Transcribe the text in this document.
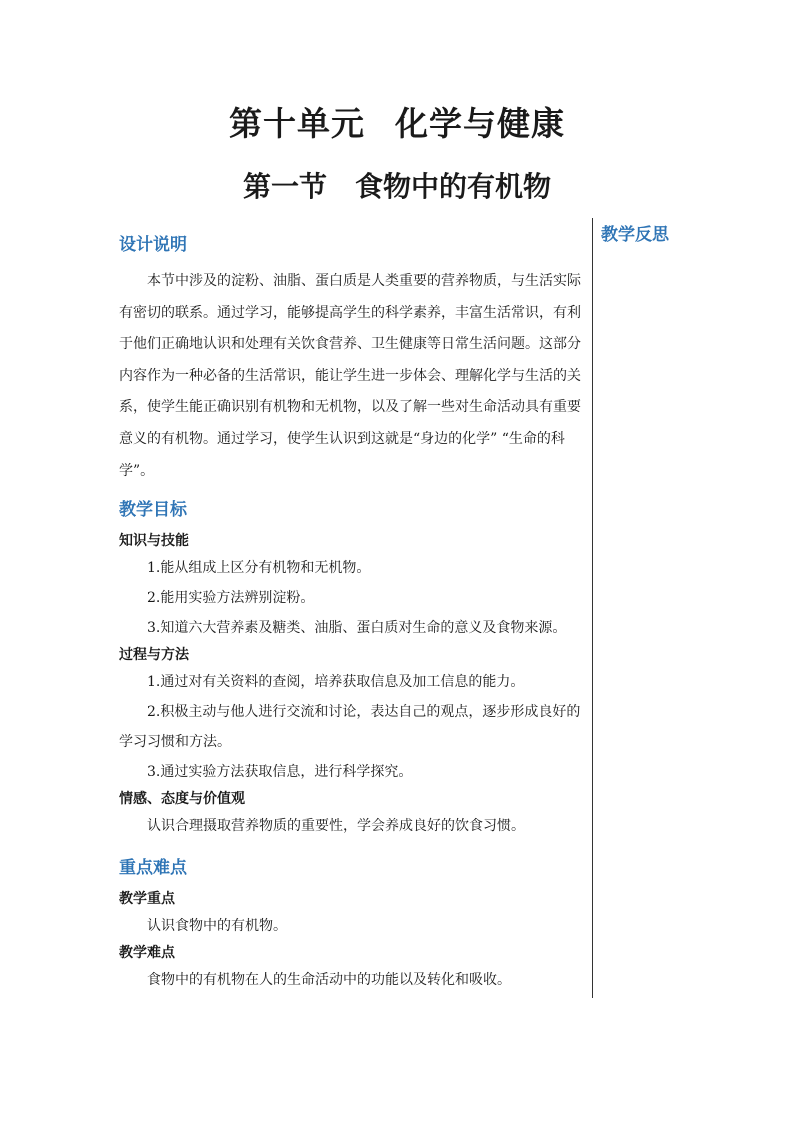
第十单元 化学与健康
第一节 食物中的有机物
教学反思
设计说明

本节中涉及的淀粉、油脂、蛋白质是人类重要的营养物质，与生活实际有密切的联系。通过学习，能够提高学生的科学素养，丰富生活常识，有利于他们正确地认识和处理有关饮食营养、卫生健康等日常生活问题。这部分内容作为一种必备的生活常识，能让学生进一步体会、理解化学与生活的关系，使学生能正确识别有机物和无机物，以及了解一些对生命活动具有重要意义的有机物。通过学习，使学生认识到这就是“身边的化学” “生命的科学”。

教学目标
知识与技能

1.能从组成上区分有机物和无机物。

2.能用实验方法辨别淀粉。

3.知道六大营养素及糖类、油脂、蛋白质对生命的意义及食物来源。

过程与方法

1.通过对有关资料的查阅，培养获取信息及加工信息的能力。

2.积极主动与他人进行交流和讨论，表达自己的观点，逐步形成良好的学习习惯和方法。

3.通过实验方法获取信息，进行科学探究。

情感、态度与价值观

认识合理摄取营养物质的重要性，学会养成良好的饮食习惯。

重点难点
教学重点

认识食物中的有机物。

教学难点

食物中的有机物在人的生命活动中的功能以及转化和吸收。
